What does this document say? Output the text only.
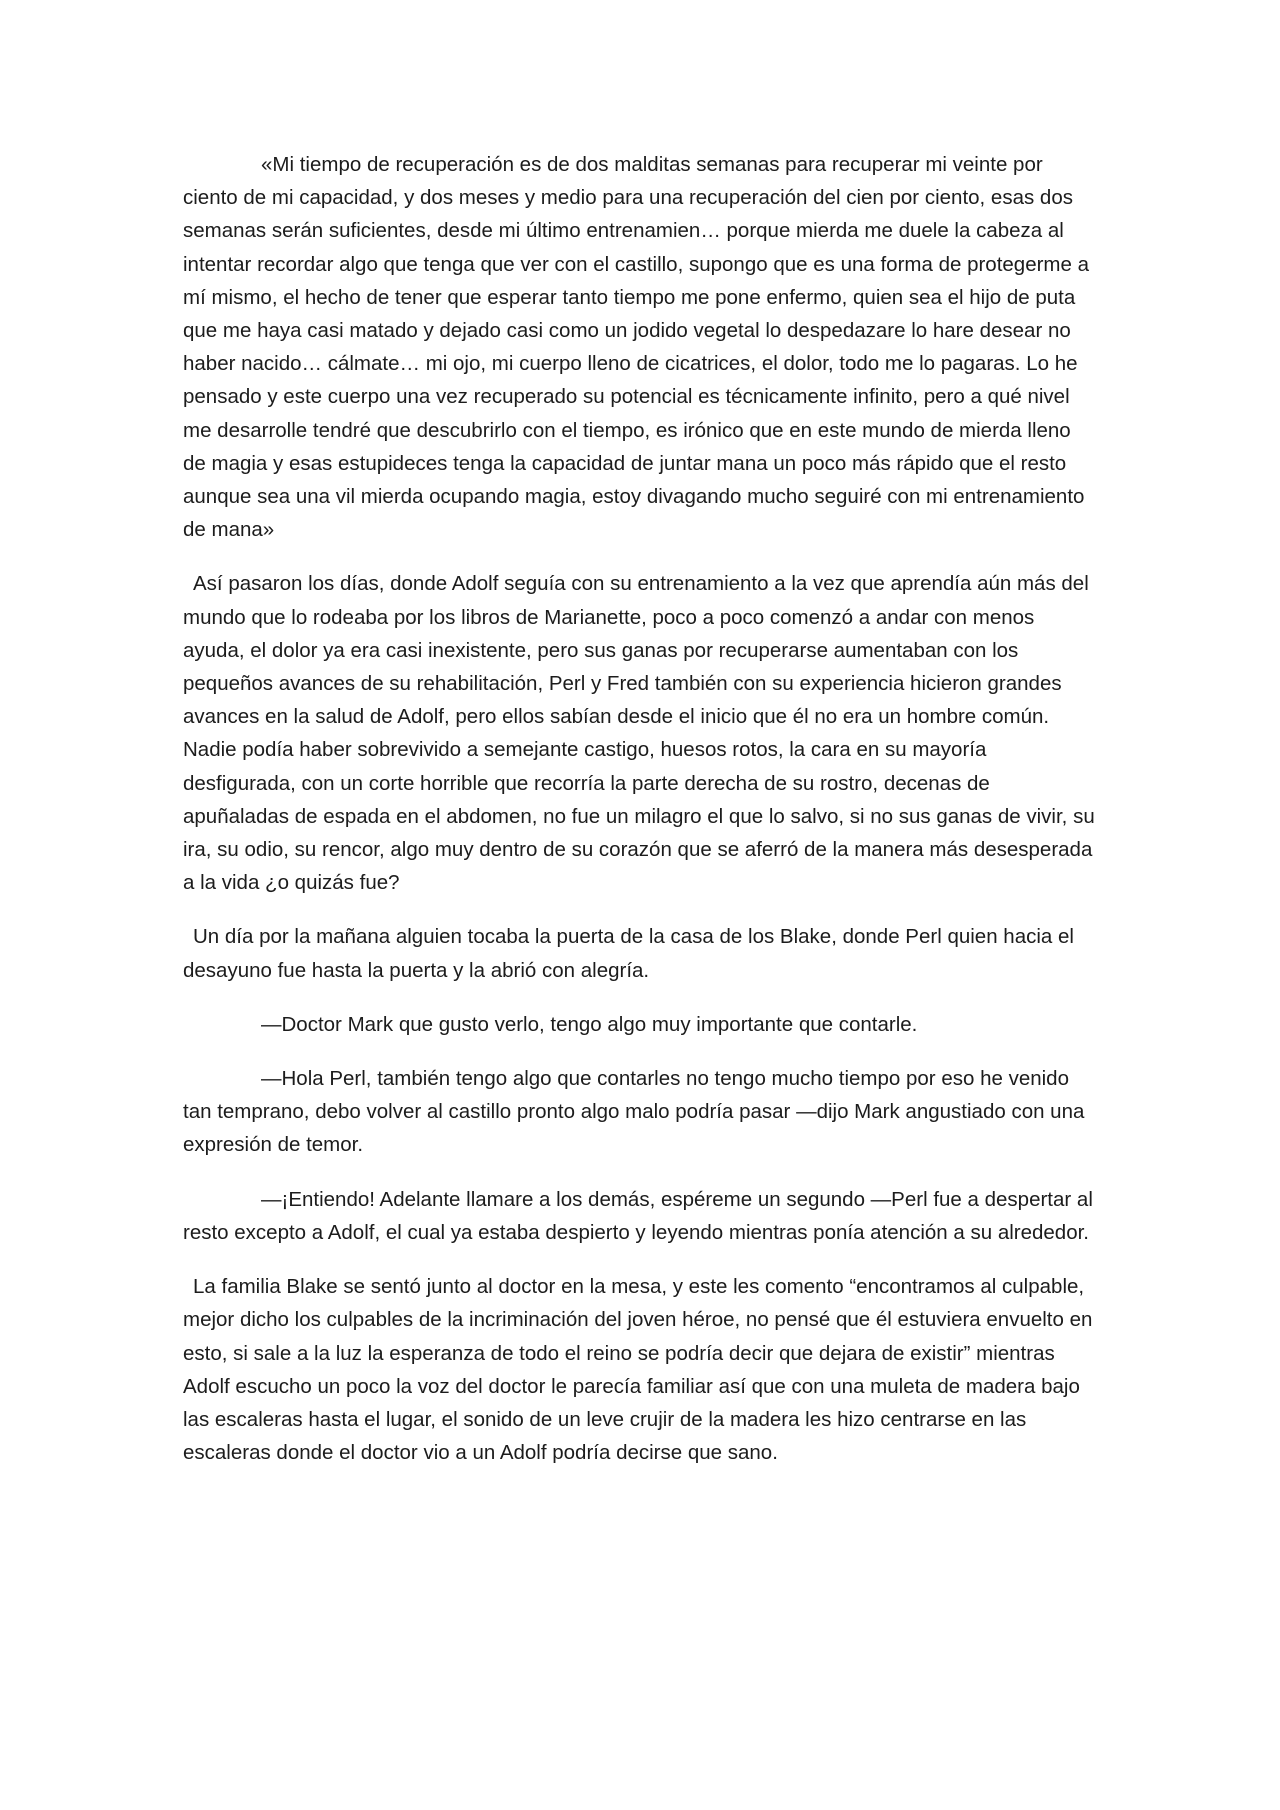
«Mi tiempo de recuperación es de dos malditas semanas para recuperar mi veinte por ciento de mi capacidad, y dos meses y medio para una recuperación del cien por ciento, esas dos semanas serán suficientes, desde mi último entrenamien… porque mierda me duele la cabeza al intentar recordar algo que tenga que ver con el castillo, supongo que es una forma de protegerme a mí mismo, el hecho de tener que esperar tanto tiempo me pone enfermo, quien sea el hijo de puta que me haya casi matado y dejado casi como un jodido vegetal lo despedazare lo hare desear no haber nacido… cálmate… mi ojo, mi cuerpo lleno de cicatrices, el dolor, todo me lo pagaras. Lo he pensado y este cuerpo una vez recuperado su potencial es técnicamente infinito, pero a qué nivel me desarrolle tendré que descubrirlo con el tiempo, es irónico que en este mundo de mierda lleno de magia y esas estupideces tenga la capacidad de juntar mana un poco más rápido que el resto aunque sea una vil mierda ocupando magia, estoy divagando mucho seguiré con mi entrenamiento de mana»

Así pasaron los días, donde Adolf seguía con su entrenamiento a la vez que aprendía aún más del mundo que lo rodeaba por los libros de Marianette, poco a poco comenzó a andar con menos ayuda, el dolor ya era casi inexistente, pero sus ganas por recuperarse aumentaban con los pequeños avances de su rehabilitación, Perl y Fred también con su experiencia hicieron grandes avances en la salud de Adolf, pero ellos sabían desde el inicio que él no era un hombre común. Nadie podía haber sobrevivido a semejante castigo, huesos rotos, la cara en su mayoría desfigurada, con un corte horrible que recorría la parte derecha de su rostro, decenas de apuñaladas de espada en el abdomen, no fue un milagro el que lo salvo, si no sus ganas de vivir, su ira, su odio, su rencor, algo muy dentro de su corazón que se aferró de la manera más desesperada a la vida ¿o quizás fue?

Un día por la mañana alguien tocaba la puerta de la casa de los Blake, donde Perl quien hacia el desayuno fue hasta la puerta y la abrió con alegría.

—Doctor Mark que gusto verlo, tengo algo muy importante que contarle.

—Hola Perl, también tengo algo que contarles no tengo mucho tiempo por eso he venido tan temprano, debo volver al castillo pronto algo malo podría pasar —dijo Mark angustiado con una expresión de temor.

—¡Entiendo! Adelante llamare a los demás, espéreme un segundo —Perl fue a despertar al resto excepto a Adolf, el cual ya estaba despierto y leyendo mientras ponía atención a su alrededor.

La familia Blake se sentó junto al doctor en la mesa, y este les comento “encontramos al culpable, mejor dicho los culpables de la incriminación del joven héroe, no pensé que él estuviera envuelto en esto, si sale a la luz la esperanza de todo el reino se podría decir que dejara de existir” mientras Adolf escucho un poco la voz del doctor le parecía familiar así que con una muleta de madera bajo las escaleras hasta el lugar, el sonido de un leve crujir de la madera les hizo centrarse en las escaleras donde el doctor vio a un Adolf podría decirse que sano.
